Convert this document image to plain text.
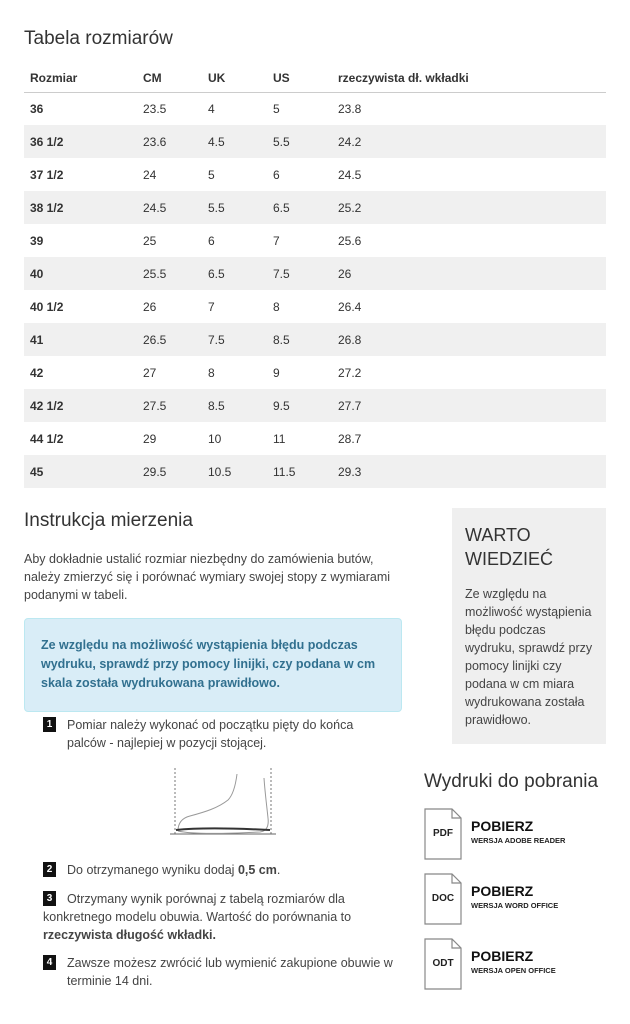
Tabela rozmiarów
Rozmiar	CM	UK	US	rzeczywista dł. wkładki
36	23.5	4	5	23.8
36 1/2	23.6	4.5	5.5	24.2
37 1/2	24	5	6	24.5
38 1/2	24.5	5.5	6.5	25.2
39	25	6	7	25.6
40	25.5	6.5	7.5	26
40 1/2	26	7	8	26.4
41	26.5	7.5	8.5	26.8
42	27	8	9	27.2
42 1/2	27.5	8.5	9.5	27.7
44 1/2	29	10	11	28.7
45	29.5	10.5	11.5	29.3
Instrukcja mierzenia

Aby dokładnie ustalić rozmiar niezbędny do zamówienia butów, należy zmierzyć się i porównać wymiary swojej stopy z wymiarami podanymi w tabeli.

Ze względu na możliwość wystąpienia błędu podczas wydruku, sprawdź przy pomocy linijki, czy podana w cm skala została wydrukowana prawidłowo.

1 Pomiar należy wykonać od początku pięty do końca palców - najlepiej w pozycji stojącej.
2 Do otrzymanego wyniku dodaj 0,5 cm.
3	Otrzymany wynik porównaj z tabelą rozmiarów dla konkretnego modelu obuwia. Wartość do porównania to rzeczywista długość wkładki.
4 Zawsze możesz zwrócić lub wymienić zakupione obuwie w terminie 14 dni.
WARTO WIEDZIEĆ

Ze względu na możliwość wystąpienia błędu podczas wydruku, sprawdź przy pomocy linijki czy podana w cm miara wydrukowana została prawidłowo.

Wydruki do pobrania
PDF	POBIERZ
WERSJA ADOBE READER
DOC	POBIERZ
WERSJA WORD OFFICE
ODT	POBIERZ
WERSJA OPEN OFFICE
